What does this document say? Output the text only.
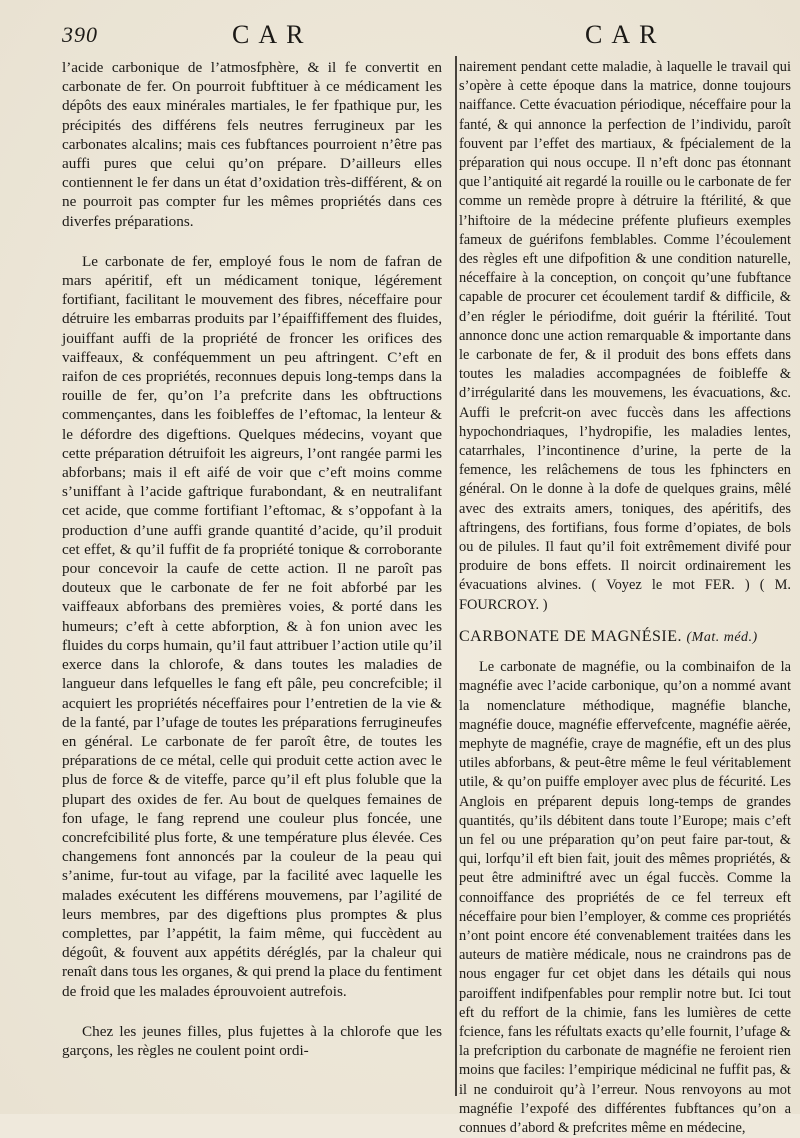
390	CAR	CAR

l’acide carbonique de l’atmosfphère, & il fe convertit en carbonate de fer. On pourroit fubftituer à ce médicament les dépôts des eaux minérales martiales, le fer fpathique pur, les précipités des différens fels neutres ferrugineux par les carbonates alcalins; mais ces fubftances pourroient n’être pas auffi pures que celui qu’on prépare. D’ailleurs elles contiennent le fer dans un état d’oxidation très-différent, & on ne pourroit pas compter fur les mêmes propriétés dans ces diverfes préparations.

Le carbonate de fer, employé fous le nom de fafran de mars apéritif, eft un médicament tonique, légérement fortifiant, facilitant le mouvement des fibres, néceffaire pour détruire les embarras produits par l’épaiffiffement des fluides, jouiffant auffi de la propriété de froncer les orifices des vaiffeaux, & conféquemment un peu aftringent. C’eft en raifon de ces propriétés, reconnues depuis long-temps dans la rouille de fer, qu’on l’a prefcrite dans les obftructions commençantes, dans les foibleffes de l’eftomac, la lenteur & le défordre des digeftions. Quelques médecins, voyant que cette préparation détruifoit les aigreurs, l’ont rangée parmi les abforbans; mais il eft aifé de voir que c’eft moins comme s’uniffant à l’acide gaftrique furabondant, & en neutralifant cet acide, que comme fortifiant l’eftomac, & s’oppofant à la production d’une auffi grande quantité d’acide, qu’il produit cet effet, & qu’il fuffit de fa propriété tonique & corroborante pour concevoir la caufe de cette action. Il ne paroît pas douteux que le carbonate de fer ne foit abforbé par les vaiffeaux abforbans des premières voies, & porté dans les humeurs; c’eft à cette abforption, & à fon union avec les fluides du corps humain, qu’il faut attribuer l’action utile qu’il exerce dans la chlorofe, & dans toutes les maladies de langueur dans lefquelles le fang eft pâle, peu concrefcible; il acquiert les propriétés néceffaires pour l’entretien de la vie & de la fanté, par l’ufage de toutes les préparations ferrugineufes en général. Le carbonate de fer paroît être, de toutes les préparations de ce métal, celle qui produit cette action avec le plus de force & de viteffe, parce qu’il eft plus foluble que la plupart des oxides de fer. Au bout de quelques femaines de fon ufage, le fang reprend une couleur plus foncée, une concrefcibilité plus forte, & une température plus élevée. Ces changemens font annoncés par la couleur de la peau qui s’anime, fur-tout au vifage, par la facilité avec laquelle les malades exécutent les différens mouvemens, par l’agilité de leurs membres, par des digeftions plus promptes & plus complettes, par l’appétit, la faim même, qui fuccèdent au dégoût, & fouvent aux appétits déréglés, par la chaleur qui renaît dans tous les organes, & qui prend la place du fentiment de froid que les malades éprouvoient autrefois.

Chez les jeunes filles, plus fujettes à la chlorofe que les garçons, les règles ne coulent point ordi-

nairement pendant cette maladie, à laquelle le travail qui s’opère à cette époque dans la matrice, donne toujours naiffance. Cette évacuation périodique, néceffaire pour la fanté, & qui annonce la perfection de l’individu, paroît fouvent par l’effet des martiaux, & fpécialement de la préparation qui nous occupe. Il n’eft donc pas étonnant que l’antiquité ait regardé la rouille ou le carbonate de fer comme un remède propre à détruire la ftérilité, & que l’hiftoire de la médecine préfente plufieurs exemples fameux de guérifons femblables. Comme l’écoulement des règles eft une difpofition & une condition naturelle, néceffaire à la conception, on conçoit qu’une fubftance capable de procurer cet écoulement tardif & difficile, & d’en régler le périodifme, doit guérir la ftérilité. Tout annonce donc une action remarquable & importante dans le carbonate de fer, & il produit des bons effets dans toutes les maladies accompagnées de foibleffe & d’irrégularité dans les mouvemens, les évacuations, &c. Auffi le prefcrit-on avec fuccès dans les affections hypochondriaques, l’hydropifie, les maladies lentes, catarrhales, l’incontinence d’urine, la perte de la femence, les relâchemens de tous les fphincters en général. On le donne à la dofe de quelques grains, mêlé avec des extraits amers, toniques, des apéritifs, des aftringens, des fortifians, fous forme d’opiates, de bols ou de pilules. Il faut qu’il foit extrêmement divifé pour produire de bons effets. Il noircit ordinairement les évacuations alvines. ( Voyez le mot FER. ) ( M. FOURCROY. )

CARBONATE DE MAGNÉSIE. (Mat. méd.)

Le carbonate de magnéfie, ou la combinaifon de la magnéfie avec l’acide carbonique, qu’on a nommé avant la nomenclature méthodique, magnéfie blanche, magnéfie douce, magnéfie effervefcente, magnéfie aërée, mephyte de magnéfie, craye de magnéfie, eft un des plus utiles abforbans, & peut-être même le feul véritablement utile, & qu’on puiffe employer avec plus de fécurité. Les Anglois en préparent depuis long-temps de grandes quantités, qu’ils débitent dans toute l’Europe; mais c’eft un fel ou une préparation qu’on peut faire par-tout, & qui, lorfqu’il eft bien fait, jouit des mêmes propriétés, & peut être adminiftré avec un égal fuccès. Comme la connoiffance des propriétés de ce fel terreux eft néceffaire pour bien l’employer, & comme ces propriétés n’ont point encore été convenablement traitées dans les auteurs de matière médicale, nous ne craindrons pas de nous engager fur cet objet dans les détails qui nous paroiffent indifpenfables pour remplir notre but. Ici tout eft du reffort de la chimie, fans les lumières de cette fcience, fans les réfultats exacts qu’elle fournit, l’ufage & la prefcription du carbonate de magnéfie ne feroient rien moins que faciles: l’empirique médicinal ne fuffit pas, & il ne conduiroit qu’à l’erreur. Nous renvoyons au mot magnéfie l’expofé des différentes fubftances qu’on a connues d’abord & prefcrites même en médecine,
